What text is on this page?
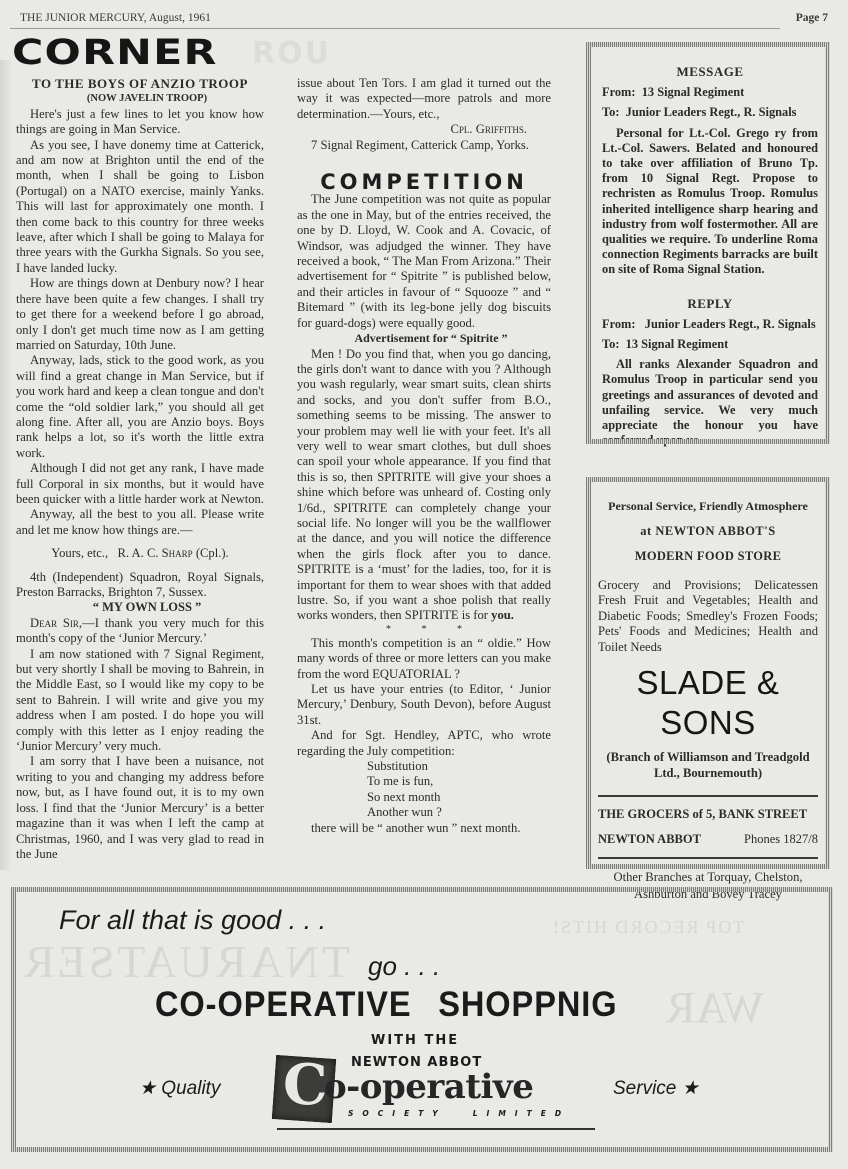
THE JUNIOR MERCURY, August, 1961	Page 7
CORNER ROU

TO THE BOYS OF ANZIO TROOP

(NOW JAVELIN TROOP)

Here's just a few lines to let you know how things are going in Man Service.

As you see, I have donemy time at Catterick, and am now at Brighton until the end of the month, when I shall be going to Lisbon (Portugal) on a NATO exercise, mainly Yanks. This will last for approximately one month. I then come back to this country for three weeks leave, after which I shall be going to Malaya for three years with the Gurkha Signals. So you see, I have landed lucky.

How are things down at Denbury now? I hear there have been quite a few changes. I shall try to get there for a weekend before I go abroad, only I don't get much time now as I am getting married on Saturday, 10th June.

Anyway, lads, stick to the good work, as you will find a great change in Man Service, but if you work hard and keep a clean tongue and don't come the “old soldier lark,” you should all get along fine. After all, you are Anzio boys. Boys rank helps a lot, so it's worth the little extra work.

Although I did not get any rank, I have made full Corporal in six months, but it would have been quicker with a little harder work at Newton.

Anyway, all the best to you all. Please write and let me know how things are.—

Yours, etc., R. A. C. Sharp (Cpl.).

4th (Independent) Squadron, Royal Signals, Preston Barracks, Brighton 7, Sussex.

“ MY OWN LOSS ”

Dear Sir,—I thank you very much for this month's copy of the ‘Junior Mercury.’

I am now stationed with 7 Signal Regiment, but very shortly I shall be moving to Bahrein, in the Middle East, so I would like my copy to be sent to Bahrein. I will write and give you my address when I am posted. I do hope you will comply with this letter as I enjoy reading the ‘Junior Mercury’ very much.

I am sorry that I have been a nuisance, not writing to you and changing my address before now, but, as I have found out, it is to my own loss. I find that the ‘Junior Mercury’ is a better magazine than it was when I left the camp at Christmas, 1960, and I was very glad to read in the June

issue about Ten Tors. I am glad it turned out the way it was expected—more patrols and more determination.—Yours, etc.,

Cpl. Griffiths.

7 Signal Regiment, Catterick Camp, Yorks.

COMPETITION

The June competition was not quite as popular as the one in May, but of the entries received, the one by D. Lloyd, W. Cook and A. Covacic, of Windsor, was adjudged the winner. They have received a book, “ The Man From Arizona.” Their advertisement for “ Spitrite ” is published below, and their articles in favour of “ Squooze ” and “ Bitemard ” (with its leg-bone jelly dog biscuits for guard-dogs) were equally good.

Advertisement for “ Spitrite ”

Men ! Do you find that, when you go dancing, the girls don't want to dance with you ? Although you wash regularly, wear smart suits, clean shirts and socks, and you don't suffer from B.O., something seems to be missing. The answer to your problem may well lie with your feet. It's all very well to wear smart clothes, but dull shoes can spoil your whole appearance. If you find that this is so, then SPITRITE will give your shoes a shine which before was unheard of. Costing only 1/6d., SPITRITE can completely change your social life. No longer will you be the wallflower at the dance, and you will notice the difference when the girls flock after you to dance. SPITRITE is a ‘must’ for the ladies, too, for it is important for them to wear shoes with that added lustre. So, if you want a shoe polish that really works wonders, then SPITRITE is for you.

* * *

This month's competition is an “ oldie.” How many words of three or more letters can you make from the word EQUATORIAL ?

Let us have your entries (to Editor, ‘ Junior Mercury,’ Denbury, South Devon), before August 31st.

And for Sgt. Hendley, APTC, who wrote regarding the July competition:

Substitution
To me is fun,
So next month
Another wun ?

there will be “ another wun ” next month.

MESSAGE
From: 13 Signal Regiment
To: Junior Leaders Regt., R. Signals

Personal for Lt.-Col. Grego ry from Lt.-Col. Sawers. Belated and honoured to take over affiliation of Bruno Tp. from 10 Signal Regt. Propose to rechristen as Romulus Troop. Romulus inherited intelligence sharp hearing and industry from wolf fostermother. All are qualities we require. To underline Roma connection Regiments barracks are built on site of Roma Signal Station.

REPLY
From: Junior Leaders Regt., R. Signals
To: 13 Signal Regiment

All ranks Alexander Squadron and Romulus Troop in particular send you greetings and assurances of devoted and unfailing service. We very much appreciate the honour you have conferred upon us.

Personal Service, Friendly Atmosphere
at NEWTON ABBOT'S
MODERN FOOD STORE
Grocery and Provisions; Delicatessen Fresh Fruit and Vegetables; Health and Diabetic Foods; Smedley's Frozen Foods; Pets' Foods and Medicines; Health and Toilet Needs
SLADE & SONS
(Branch of Williamson and Treadgold Ltd., Bournemouth)
THE GROCERS of 5, BANK STREET
NEWTON ABBOT	Phones 1827/8
Other Branches at Torquay, Chelston, Ashburton and Bovey Tracey
TOP RECORD HITS!
WAR
TNARUATSER
For all that is good . . .
go . . .
CO-OPERATIVE SHOPPNIG
WITH THE
NEWTON ABBOT
★ Quality	Service ★
C
o-operative
SOCIETY	LIMITED
